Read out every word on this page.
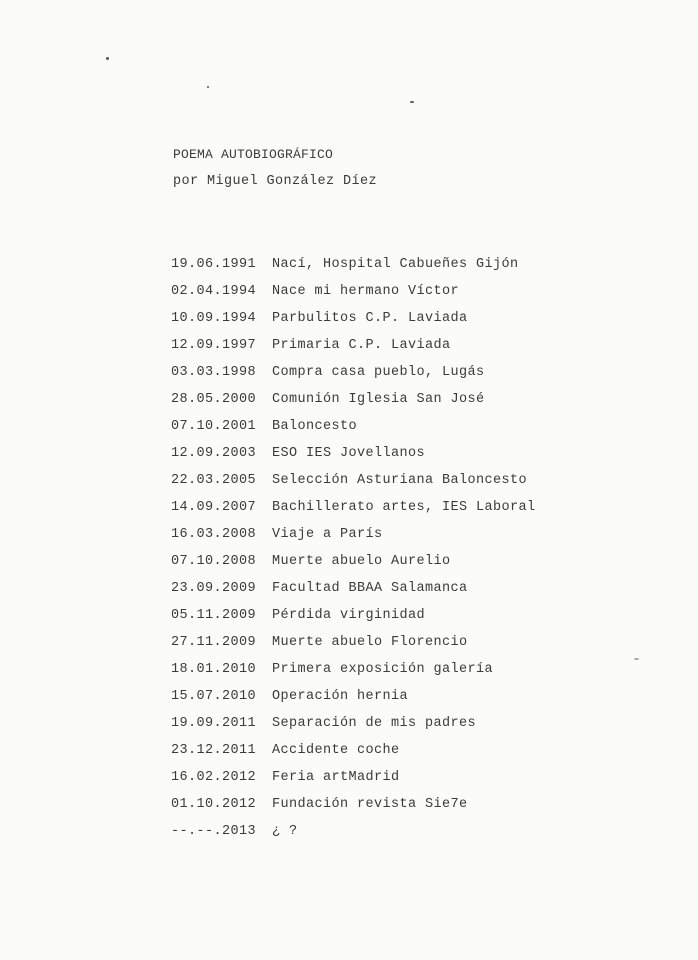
POEMA AUTOBIOGRÁFICO
por Miguel González Díez
19.06.1991	Nací, Hospital Cabueñes Gijón
02.04.1994	Nace mi hermano Víctor
10.09.1994	Parbulitos C.P. Laviada
12.09.1997	Primaria C.P. Laviada
03.03.1998	Compra casa pueblo, Lugás
28.05.2000	Comunión Iglesia San José
07.10.2001	Baloncesto
12.09.2003	ESO IES Jovellanos
22.03.2005	Selección Asturiana Baloncesto
14.09.2007	Bachillerato artes, IES Laboral
16.03.2008	Viaje a París
07.10.2008	Muerte abuelo Aurelio
23.09.2009	Facultad BBAA Salamanca
05.11.2009	Pérdida virginidad
27.11.2009	Muerte abuelo Florencio
18.01.2010	Primera exposición galería
15.07.2010	Operación hernia
19.09.2011	Separación de mis padres
23.12.2011	Accidente coche
16.02.2012	Feria artMadrid
01.10.2012	Fundación revista Sie7e
--.--.2013	¿ ?
